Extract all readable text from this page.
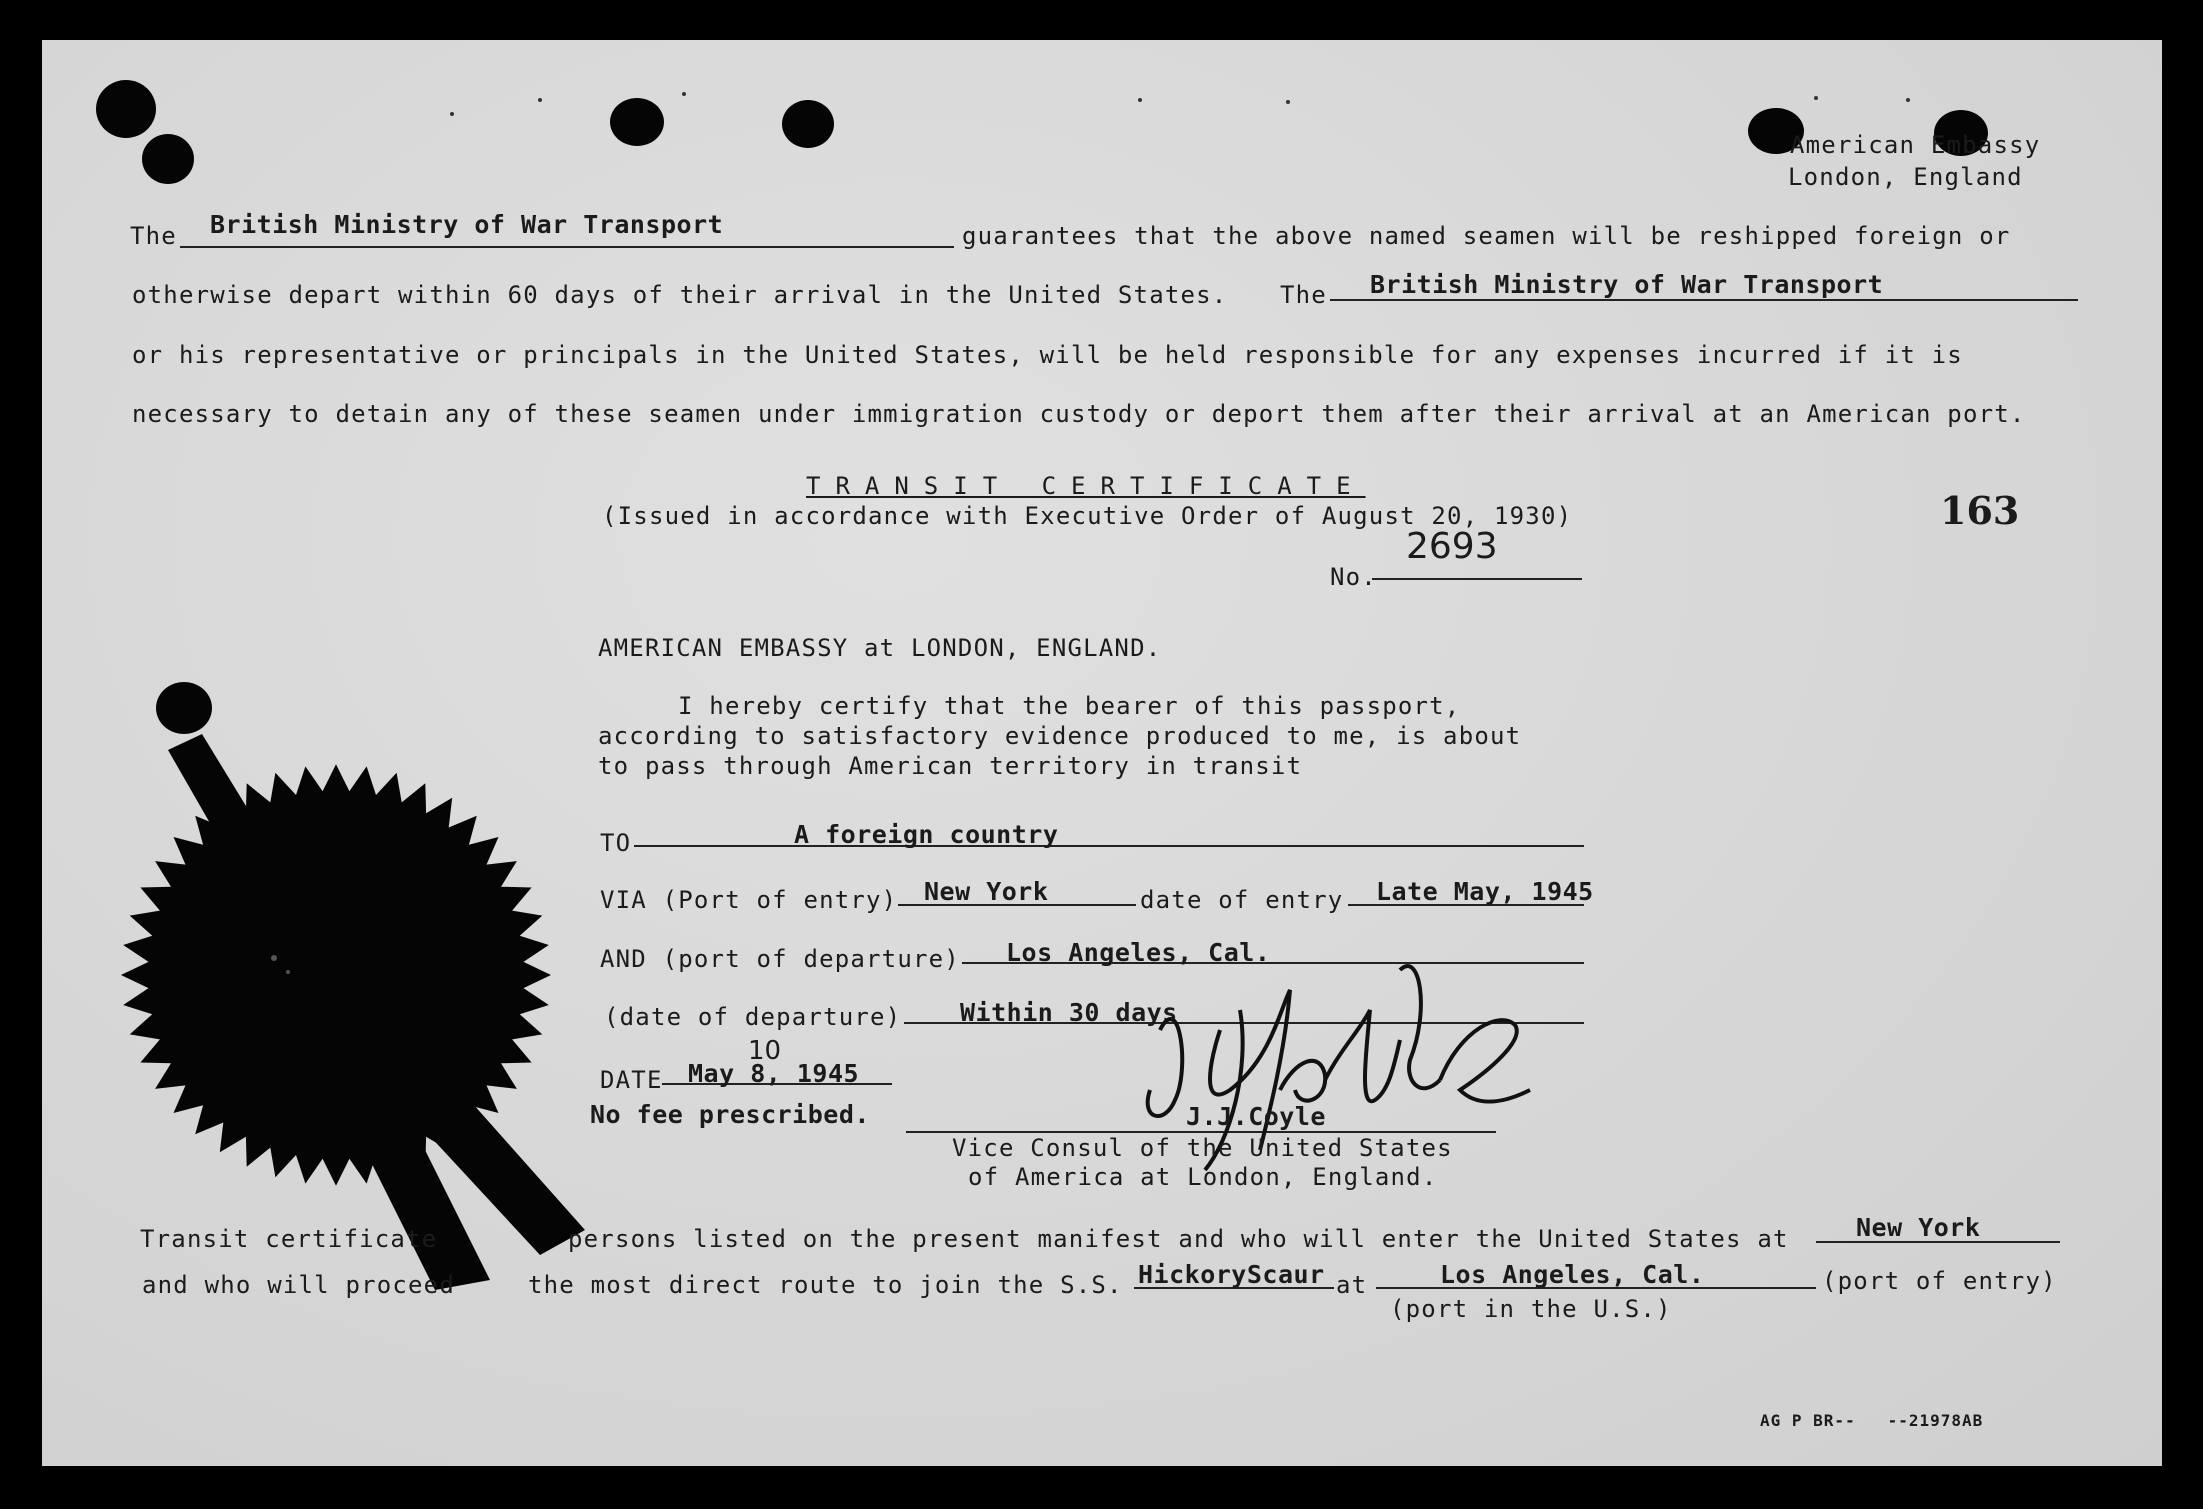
American Embassy
London, England
The British Ministry of War Transport	guarantees that the above named seamen will be reshipped foreign or
otherwise depart within 60 days of their arrival in the United States. The British Ministry of War Transport
or his representative or principals in the United States, will be held responsible for any expenses incurred if it is
necessary to detain any of these seamen under immigration custody or deport them after their arrival at an American port.
TRANSIT CERTIFICATE
(Issued in accordance with Executive Order of August 20, 1930)	163
No.
2693
AMERICAN EMBASSY at LONDON, ENGLAND.
I hereby certify that the bearer of this passport,
according to satisfactory evidence produced to me, is about
to pass through American territory in transit
TO	A foreign country
VIA (Port of entry) New York	date of entry Late May, 1945
AND (port of departure) Los Angeles, Cal.
(date of departure) Within 30 days
DATE May 8, 1945
10
No fee prescribed.	J.J.Coyle
Vice Consul of the United States
of America at London, England.
Transit certificate	persons listed on the present manifest and who will enter the United States at	New York
and who will proceed	the most direct route to join the S.S. HickoryScaur at	Los Angeles, Cal.	(port of entry)
(port in the U.S.)
AG P BR--   --21978AB
